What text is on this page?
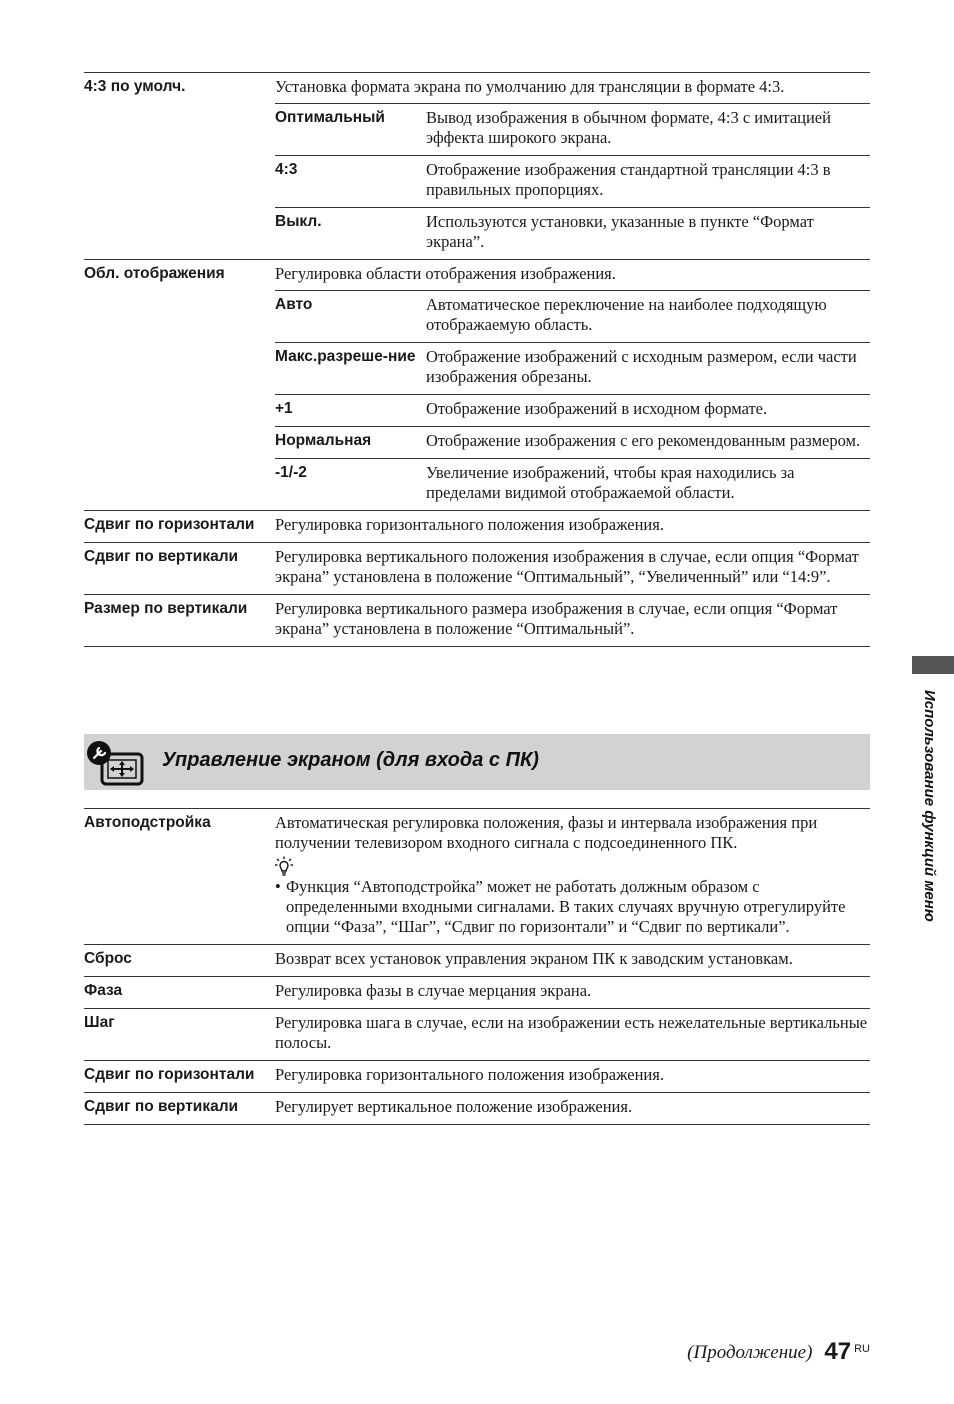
4:3 по умолч.	Установка формата экрана по умолчанию для трансляции в формате 4:3.
Оптимальный	Вывод изображения в обычном формате, 4:3 с имитацией эффекта широкого экрана.
4:3	Отображение изображения стандартной трансляции 4:3 в правильных пропорциях.
Выкл.	Используются установки, указанные в пункте “Формат экрана”.

Обл. отображения	Регулировка области отображения изображения.
Авто	Автоматическое переключение на наиболее подходящую отображаемую область.
Макс.разреше-ние	Отображение изображений с исходным размером, если части изображения обрезаны.
+1	Отображение изображений в исходном формате.
Нормальная	Отображение изображения с его рекомендованным размером.
-1/-2	Увеличение изображений, чтобы края находились за пределами видимой отображаемой области.

Сдвиг по горизонтали	Регулировка горизонтального положения изображения.
Сдвиг по вертикали	Регулировка вертикального положения изображения в случае, если опция “Формат экрана” установлена в положение “Оптимальный”, “Увеличенный” или “14:9”.
Размер по вертикали	Регулировка вертикального размера изображения в случае, если опция “Формат экрана” установлена в положение “Оптимальный”.
Управление экраном (для входа с ПК)
Автоподстройка	Автоматическая регулировка положения, фазы и интервала изображения при получении телевизором входного сигнала с подсоединенного ПК.
• Функция “Автоподстройка” может не работать должным образом с определенными входными сигналами. В таких случаях вручную отрегулируйте опции “Фаза”, “Шаг”, “Сдвиг по горизонтали” и “Сдвиг по вертикали”.

Сброс	Возврат всех установок управления экраном ПК к заводским установкам.
Фаза	Регулировка фазы в случае мерцания экрана.
Шаг	Регулировка шага в случае, если на изображении есть нежелательные вертикальные полосы.
Сдвиг по горизонтали	Регулировка горизонтального положения изображения.
Сдвиг по вертикали	Регулирует вертикальное положение изображения.
Использование функций меню
(Продолжение) 47 RU
